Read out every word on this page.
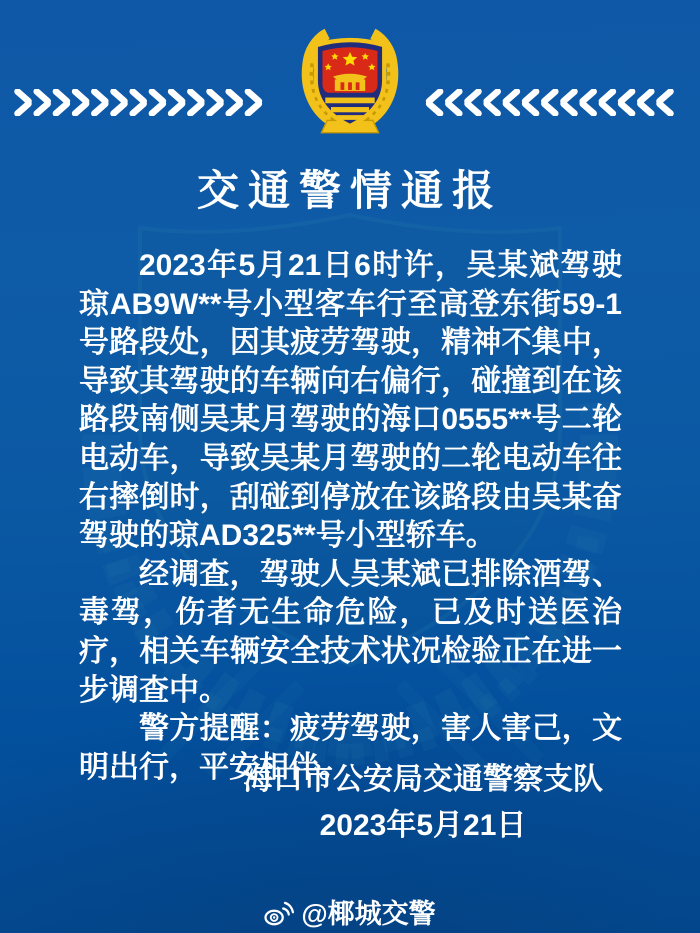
交通警情通报

2023年5月21日6时许，吴某斌驾驶琼AB9W**号小型客车行至高登东街59-1号路段处，因其疲劳驾驶，精神不集中，导致其驾驶的车辆向右偏行，碰撞到在该路段南侧吴某月驾驶的海口0555**号二轮电动车，导致吴某月驾驶的二轮电动车往右摔倒时，刮碰到停放在该路段由吴某奋驾驶的琼AD325**号小型轿车。

经调查，驾驶人吴某斌已排除酒驾、毒驾，伤者无生命危险，已及时送医治疗，相关车辆安全技术状况检验正在进一步调查中。

警方提醒：疲劳驾驶，害人害己，文明出行，平安相伴。

海口市公安局交通警察支队
2023年5月21日
@椰城交警
